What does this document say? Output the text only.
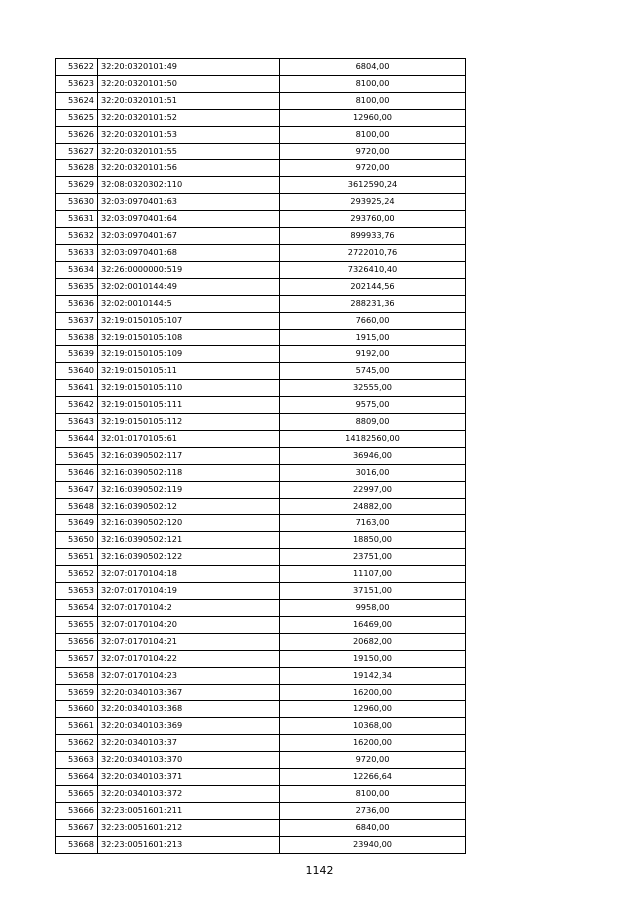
53622	32:20:0320101:49	6804,00
53623	32:20:0320101:50	8100,00
53624	32:20:0320101:51	8100,00
53625	32:20:0320101:52	12960,00
53626	32:20:0320101:53	8100,00
53627	32:20:0320101:55	9720,00
53628	32:20:0320101:56	9720,00
53629	32:08:0320302:110	3612590,24
53630	32:03:0970401:63	293925,24
53631	32:03:0970401:64	293760,00
53632	32:03:0970401:67	899933,76
53633	32:03:0970401:68	2722010,76
53634	32:26:0000000:519	7326410,40
53635	32:02:0010144:49	202144,56
53636	32:02:0010144:5	288231,36
53637	32:19:0150105:107	7660,00
53638	32:19:0150105:108	1915,00
53639	32:19:0150105:109	9192,00
53640	32:19:0150105:11	5745,00
53641	32:19:0150105:110	32555,00
53642	32:19:0150105:111	9575,00
53643	32:19:0150105:112	8809,00
53644	32:01:0170105:61	14182560,00
53645	32:16:0390502:117	36946,00
53646	32:16:0390502:118	3016,00
53647	32:16:0390502:119	22997,00
53648	32:16:0390502:12	24882,00
53649	32:16:0390502:120	7163,00
53650	32:16:0390502:121	18850,00
53651	32:16:0390502:122	23751,00
53652	32:07:0170104:18	11107,00
53653	32:07:0170104:19	37151,00
53654	32:07:0170104:2	9958,00
53655	32:07:0170104:20	16469,00
53656	32:07:0170104:21	20682,00
53657	32:07:0170104:22	19150,00
53658	32:07:0170104:23	19142,34
53659	32:20:0340103:367	16200,00
53660	32:20:0340103:368	12960,00
53661	32:20:0340103:369	10368,00
53662	32:20:0340103:37	16200,00
53663	32:20:0340103:370	9720,00
53664	32:20:0340103:371	12266,64
53665	32:20:0340103:372	8100,00
53666	32:23:0051601:211	2736,00
53667	32:23:0051601:212	6840,00
53668	32:23:0051601:213	23940,00
1142
